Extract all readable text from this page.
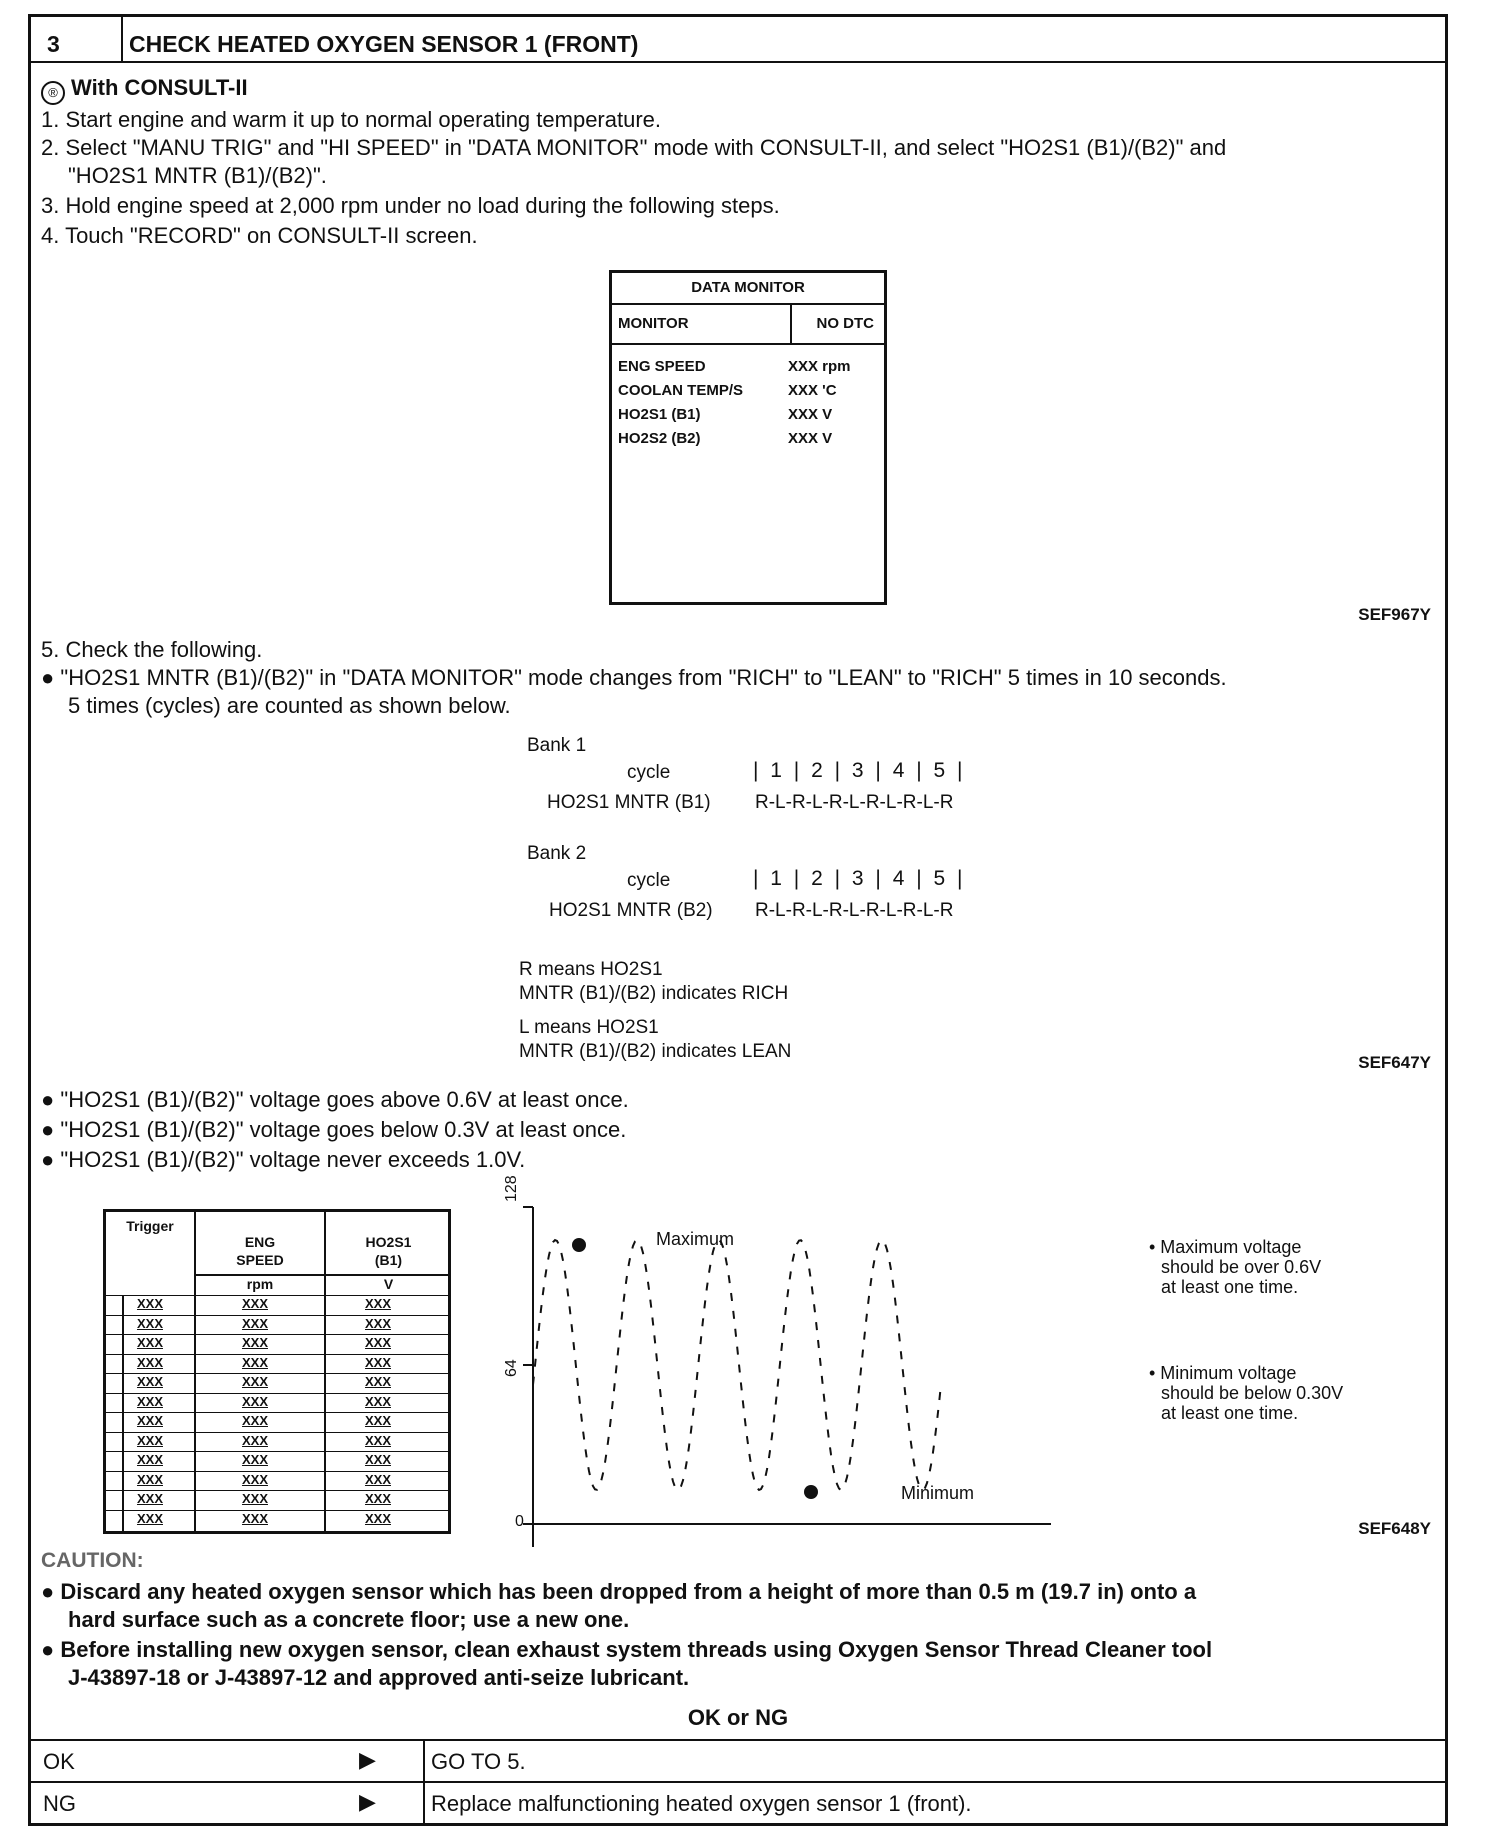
3	CHECK HEATED OXYGEN SENSOR 1 (FRONT)
® With CONSULT-II
1. Start engine and warm it up to normal operating temperature.
2. Select "MANU TRIG" and "HI SPEED" in "DATA MONITOR" mode with CONSULT-II, and select "HO2S1 (B1)/(B2)" and
"HO2S1 MNTR (B1)/(B2)".
3. Hold engine speed at 2,000 rpm under no load during the following steps.
4. Touch "RECORD" on CONSULT-II screen.
DATA MONITOR
MONITOR	NO DTC
ENG SPEED	XXX rpm
COOLAN TEMP/S	XXX 'C
HO2S1 (B1)	XXX V
HO2S2 (B2)	XXX V
SEF967Y
5. Check the following.
● "HO2S1 MNTR (B1)/(B2)" in "DATA MONITOR" mode changes from "RICH" to "LEAN" to "RICH" 5 times in 10 seconds.
5 times (cycles) are counted as shown below.
Bank 1
cycle	| 1 | 2 | 3 | 4 | 5 |
HO2S1 MNTR (B1) R-L-R-L-R-L-R-L-R-L-R
Bank 2
cycle	| 1 | 2 | 3 | 4 | 5 |
HO2S1 MNTR (B2) R-L-R-L-R-L-R-L-R-L-R
R means HO2S1
MNTR (B1)/(B2) indicates RICH
L means HO2S1
MNTR (B1)/(B2) indicates LEAN
SEF647Y
● "HO2S1 (B1)/(B2)" voltage goes above 0.6V at least once.
● "HO2S1 (B1)/(B2)" voltage goes below 0.3V at least once.
● "HO2S1 (B1)/(B2)" voltage never exceeds 1.0V.
Trigger
ENG
SPEED
HO2S1
(B1)
rpm	V
XXX	XXX	XXX
XXX	XXX	XXX
XXX	XXX	XXX
XXX	XXX	XXX
XXX	XXX	XXX
XXX	XXX	XXX
XXX	XXX	XXX
XXX	XXX	XXX
XXX	XXX	XXX
XXX	XXX	XXX
XXX	XXX	XXX
XXX	XXX	XXX
128
64
0
Maximum
Minimum
• Maximum voltage
should be over 0.6V
at least one time.
• Minimum voltage
should be below 0.30V
at least one time.
SEF648Y
CAUTION:
● Discard any heated oxygen sensor which has been dropped from a height of more than 0.5 m (19.7 in) onto a
hard surface such as a concrete floor; use a new one.
● Before installing new oxygen sensor, clean exhaust system threads using Oxygen Sensor Thread Cleaner tool
J-43897-18 or J-43897-12 and approved anti-seize lubricant.
OK or NG
OK	▶	GO TO 5.
NG	▶	Replace malfunctioning heated oxygen sensor 1 (front).
